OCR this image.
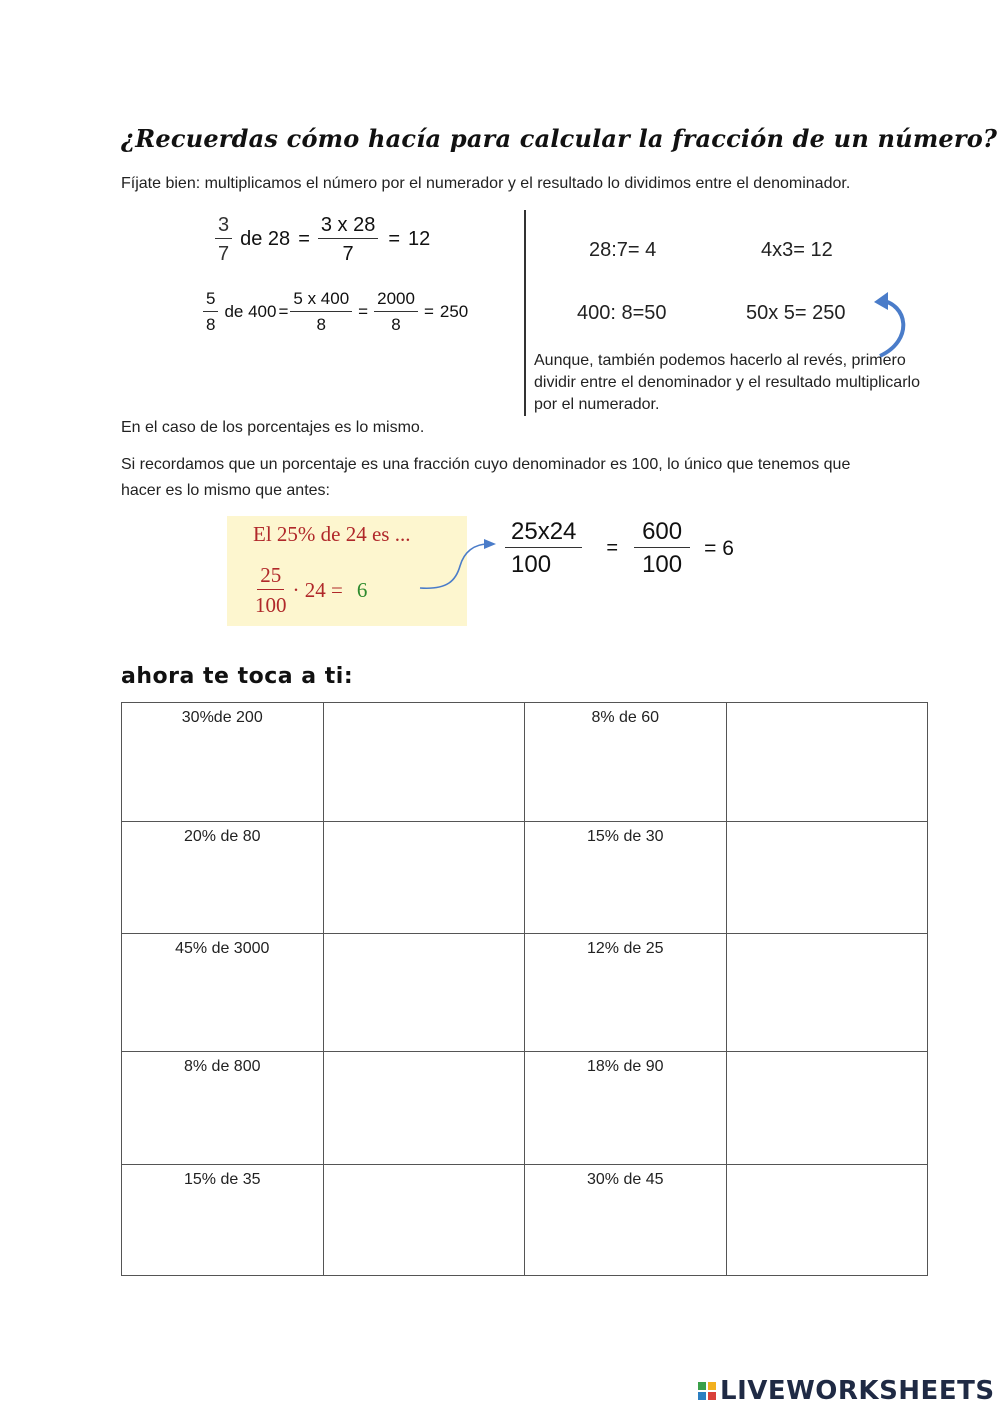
¿Recuerdas cómo hacía para calcular la fracción de un número?
Fíjate bien: multiplicamos el número por el numerador y el resultado lo dividimos entre el denominador.
$\frac{3}{7}$ de $28 = \frac{3 x 28}{7} = 12$
$\frac{5}{8}$ de $400 = \frac{5 x 400}{8} = \frac{2000}{8} = 250$
28:7= 4	4x3= 12
400: 8=50	50x 5= 250
Aunque, también podemos hacerlo al revés, primero dividir entre el denominador y el resultado multiplicarlo por el numerador.
En el caso de los porcentajes es lo mismo.
Si recordamos que un porcentaje es una fracción cuyo denominador es 100, lo único que tenemos que
hacer es lo mismo que antes:
El 25% de 24 es ...
$\frac{25}{100} \cdot 24 = 6$
$\frac{25x24}{100} = \frac{600}{100} = 6$
ahora te toca a ti:
30%de 200		8% de 60	
20% de 80		15% de 30	
45% de 3000		12% de 25	
8% de 800		18% de 90	
15% de 35		30% de 45	
LIVEWORKSHEETS
